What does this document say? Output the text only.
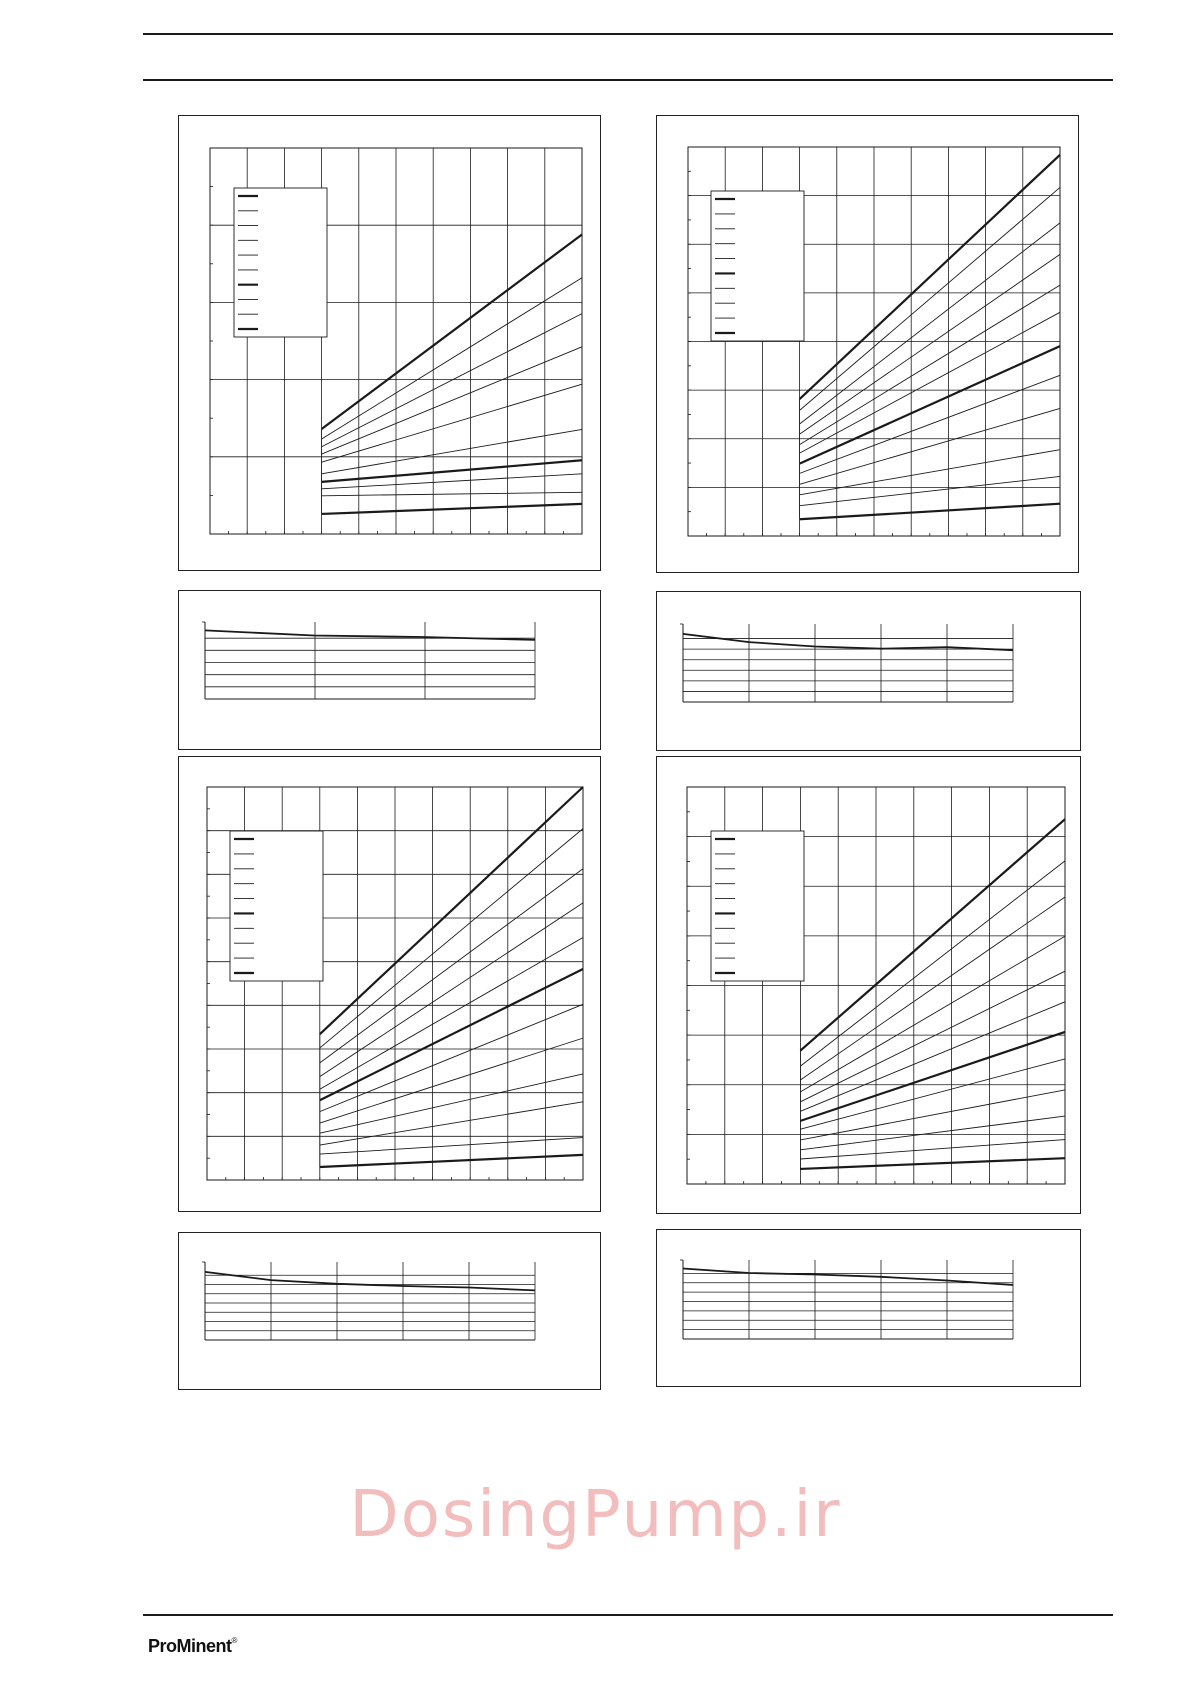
DosingPump.ir
ProMinent®
